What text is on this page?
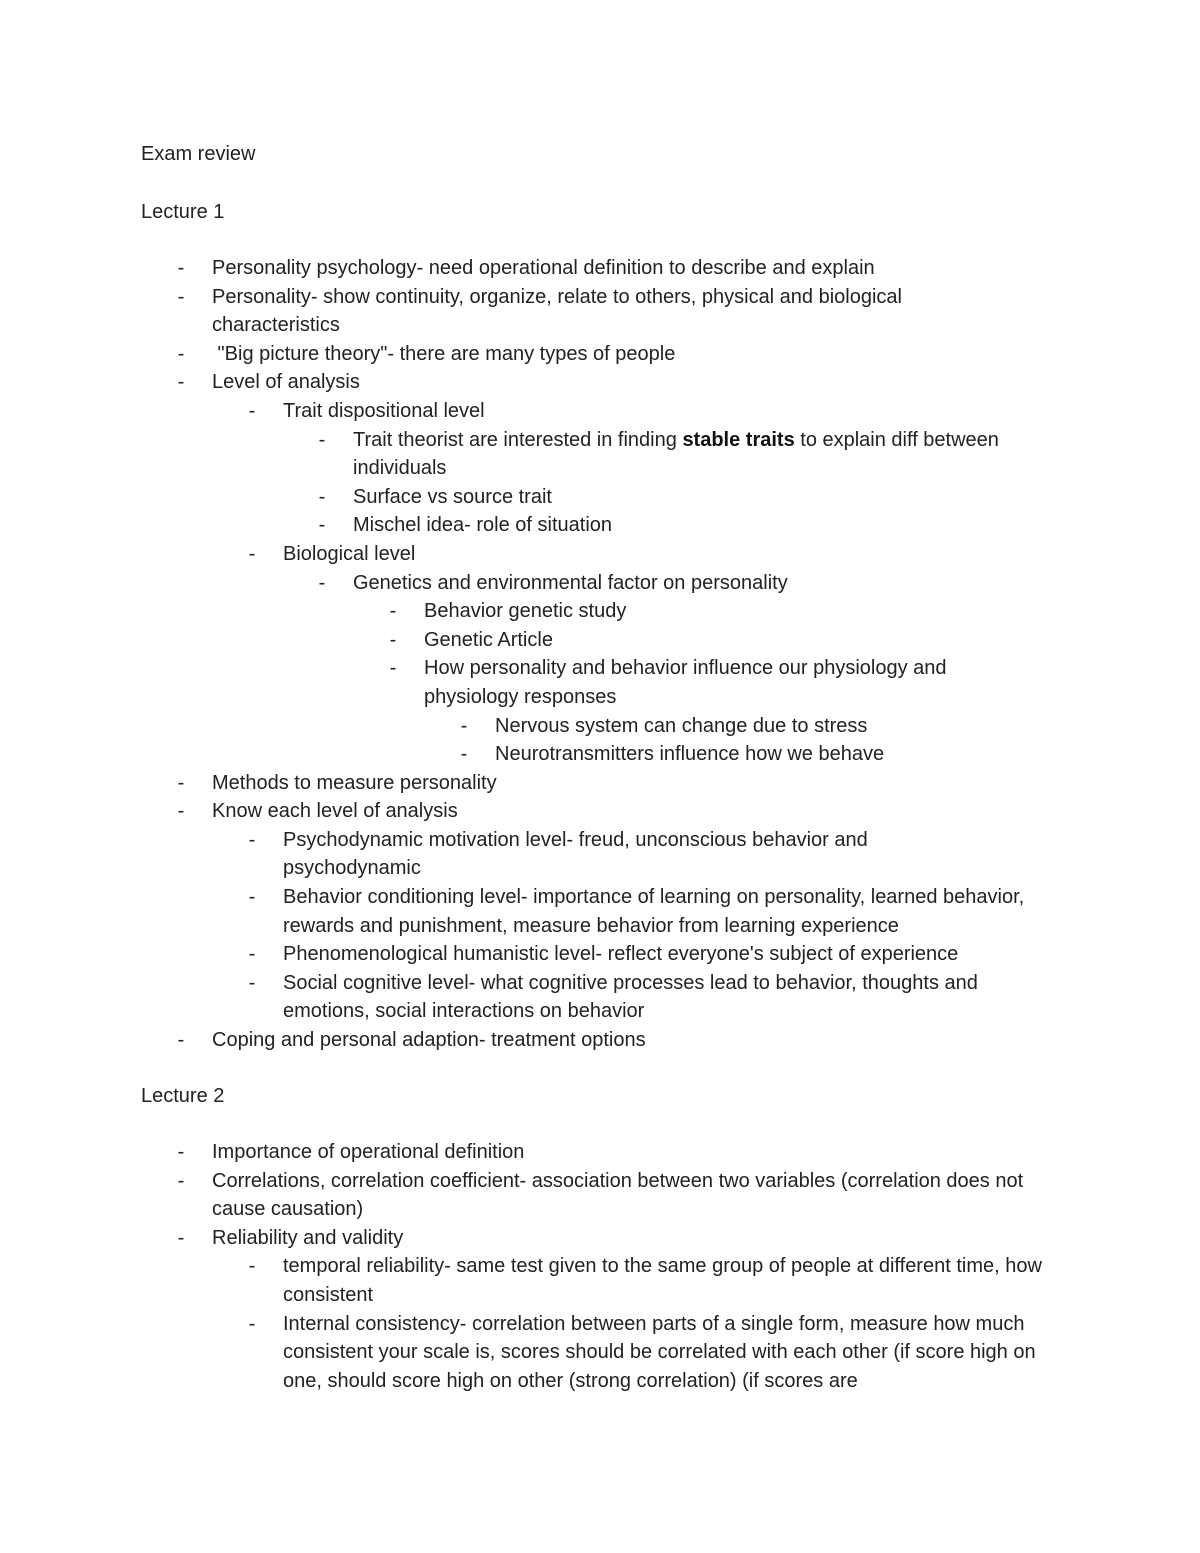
Exam review
Lecture 1
-	Personality psychology- need operational definition to describe and explain
-	Personality- show continuity, organize, relate to others, physical and biological characteristics
-	"Big picture theory"- there are many types of people
-	Level of analysis
-	Trait dispositional level
-	Trait theorist are interested in finding stable traits to explain diff between individuals
-	Surface vs source trait
-	Mischel idea- role of situation
-	Biological level
-	Genetics and environmental factor on personality
-	Behavior genetic study
-	Genetic Article
-	How personality and behavior influence our physiology and physiology responses
-	Nervous system can change due to stress
-	Neurotransmitters influence how we behave
-	Methods to measure personality
-	Know each level of analysis
-	Psychodynamic motivation level- freud, unconscious behavior and psychodynamic
-	Behavior conditioning level- importance of learning on personality, learned behavior, rewards and punishment, measure behavior from learning experience
-	Phenomenological humanistic level- reflect everyone's subject of experience
-	Social cognitive level- what cognitive processes lead to behavior, thoughts and emotions, social interactions on behavior
-	Coping and personal adaption- treatment options
Lecture 2
-	Importance of operational definition
-	Correlations, correlation coefficient- association between two variables (correlation does not cause causation)
-	Reliability and validity
-	temporal reliability- same test given to the same group of people at different time, how consistent
-	Internal consistency- correlation between parts of a single form, measure how much consistent your scale is, scores should be correlated with each other (if score high on one, should score high on other (strong correlation) (if scores are
